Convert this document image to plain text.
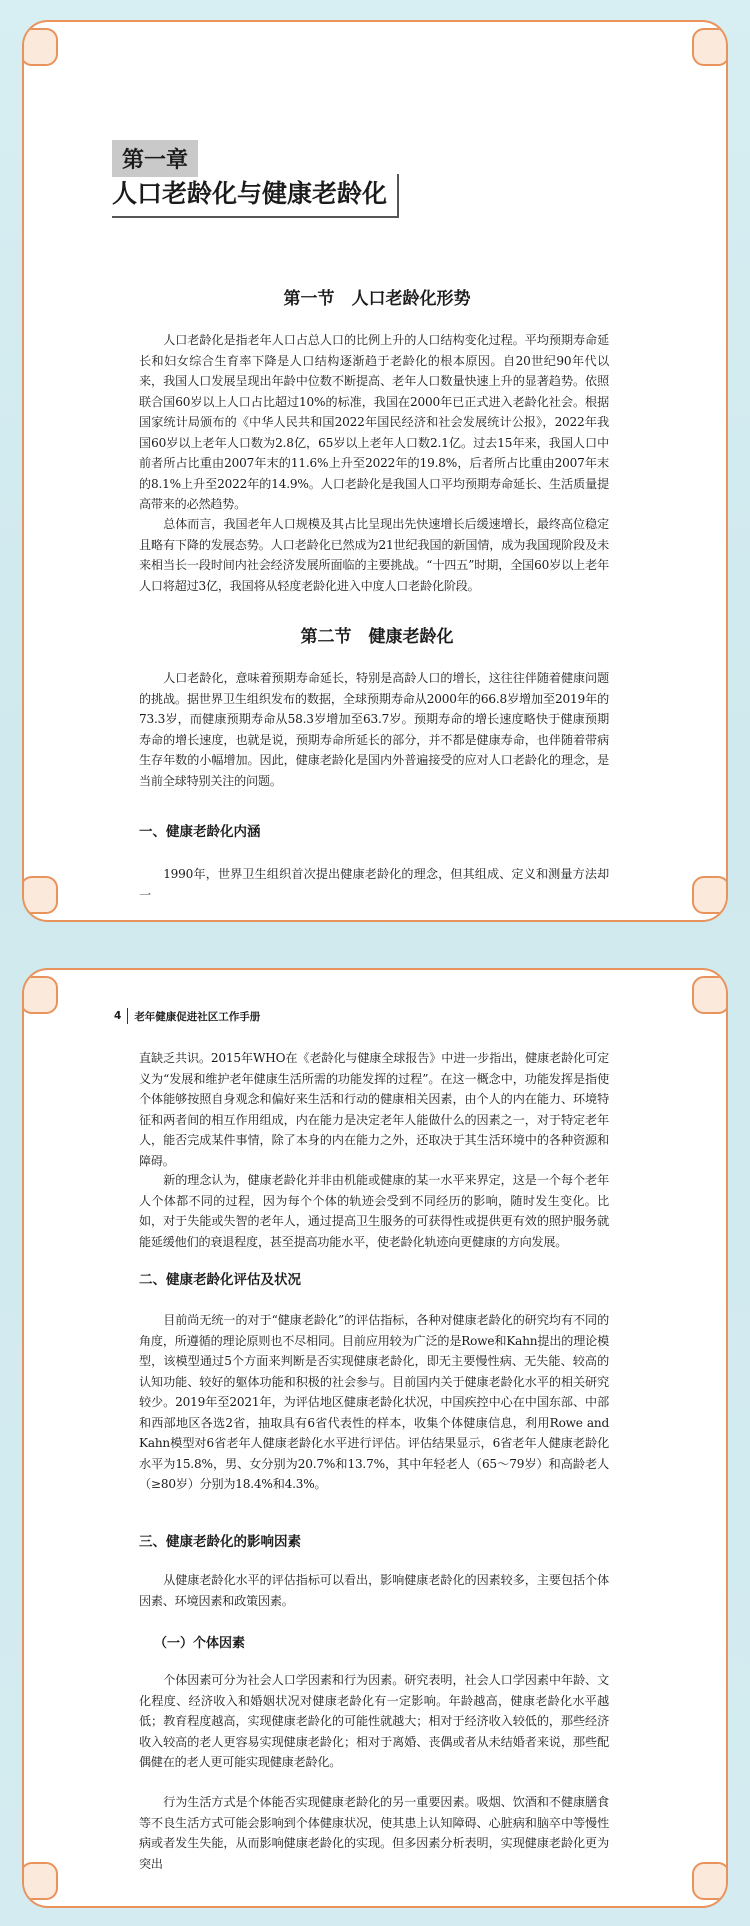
第一章
人口老龄化与健康老龄化
第一节　人口老龄化形势

人口老龄化是指老年人口占总人口的比例上升的人口结构变化过程。平均预期寿命延长和妇女综合生育率下降是人口结构逐渐趋于老龄化的根本原因。自20世纪90年代以来，我国人口发展呈现出年龄中位数不断提高、老年人口数量快速上升的显著趋势。依照联合国60岁以上人口占比超过10%的标准，我国在2000年已正式进入老龄化社会。根据国家统计局颁布的《中华人民共和国2022年国民经济和社会发展统计公报》，2022年我国60岁以上老年人口数为2.8亿，65岁以上老年人口数2.1亿。过去15年来，我国人口中前者所占比重由2007年末的11.6%上升至2022年的19.8%，后者所占比重由2007年末的8.1%上升至2022年的14.9%。人口老龄化是我国人口平均预期寿命延长、生活质量提高带来的必然趋势。

总体而言，我国老年人口规模及其占比呈现出先快速增长后缓速增长，最终高位稳定且略有下降的发展态势。人口老龄化已然成为21世纪我国的新国情，成为我国现阶段及未来相当长一段时间内社会经济发展所面临的主要挑战。“十四五”时期，全国60岁以上老年人口将超过3亿，我国将从轻度老龄化进入中度人口老龄化阶段。

第二节　健康老龄化

人口老龄化，意味着预期寿命延长，特别是高龄人口的增长，这往往伴随着健康问题的挑战。据世界卫生组织发布的数据，全球预期寿命从2000年的66.8岁增加至2019年的73.3岁，而健康预期寿命从58.3岁增加至63.7岁。预期寿命的增长速度略快于健康预期寿命的增长速度，也就是说，预期寿命所延长的部分，并不都是健康寿命，也伴随着带病生存年数的小幅增加。因此，健康老龄化是国内外普遍接受的应对人口老龄化的理念，是当前全球特别关注的问题。

一、健康老龄化内涵

1990年，世界卫生组织首次提出健康老龄化的理念，但其组成、定义和测量方法却一

4 老年健康促进社区工作手册

直缺乏共识。2015年WHO在《老龄化与健康全球报告》中进一步指出，健康老龄化可定义为“发展和维护老年健康生活所需的功能发挥的过程”。在这一概念中，功能发挥是指使个体能够按照自身观念和偏好来生活和行动的健康相关因素，由个人的内在能力、环境特征和两者间的相互作用组成，内在能力是决定老年人能做什么的因素之一，对于特定老年人，能否完成某件事情，除了本身的内在能力之外，还取决于其生活环境中的各种资源和障碍。

新的理念认为，健康老龄化并非由机能或健康的某一水平来界定，这是一个每个老年人个体都不同的过程，因为每个个体的轨迹会受到不同经历的影响，随时发生变化。比如，对于失能或失智的老年人，通过提高卫生服务的可获得性或提供更有效的照护服务就能延缓他们的衰退程度，甚至提高功能水平，使老龄化轨迹向更健康的方向发展。

二、健康老龄化评估及状况

目前尚无统一的对于“健康老龄化”的评估指标，各种对健康老龄化的研究均有不同的角度，所遵循的理论原则也不尽相同。目前应用较为广泛的是Rowe和Kahn提出的理论模型，该模型通过5个方面来判断是否实现健康老龄化，即无主要慢性病、无失能、较高的认知功能、较好的躯体功能和积极的社会参与。目前国内关于健康老龄化水平的相关研究较少。2019年至2021年，为评估地区健康老龄化状况，中国疾控中心在中国东部、中部和西部地区各选2省，抽取具有6省代表性的样本，收集个体健康信息，利用Rowe and Kahn模型对6省老年人健康老龄化水平进行评估。评估结果显示，6省老年人健康老龄化水平为15.8%，男、女分别为20.7%和13.7%，其中年轻老人（65～79岁）和高龄老人（≥80岁）分别为18.4%和4.3%。

三、健康老龄化的影响因素

从健康老龄化水平的评估指标可以看出，影响健康老龄化的因素较多，主要包括个体因素、环境因素和政策因素。

（一）个体因素

个体因素可分为社会人口学因素和行为因素。研究表明，社会人口学因素中年龄、文化程度、经济收入和婚姻状况对健康老龄化有一定影响。年龄越高，健康老龄化水平越低；教育程度越高，实现健康老龄化的可能性就越大；相对于经济收入较低的，那些经济收入较高的老人更容易实现健康老龄化；相对于离婚、丧偶或者从未结婚者来说，那些配偶健在的老人更可能实现健康老龄化。

行为生活方式是个体能否实现健康老龄化的另一重要因素。吸烟、饮酒和不健康膳食等不良生活方式可能会影响到个体健康状况，使其患上认知障碍、心脏病和脑卒中等慢性病或者发生失能，从而影响健康老龄化的实现。但多因素分析表明，实现健康老龄化更为突出
